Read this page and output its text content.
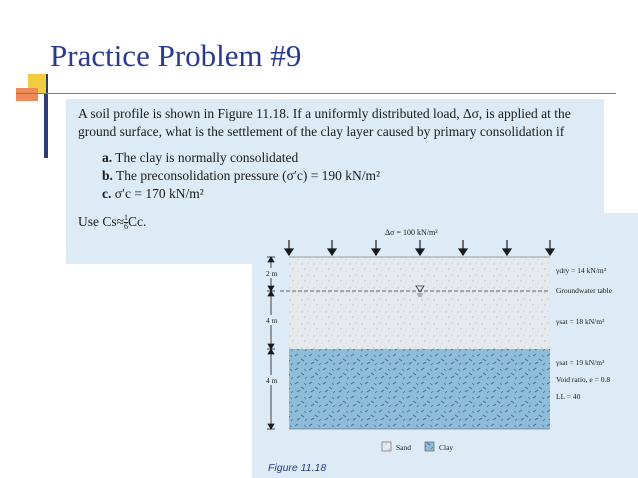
Practice Problem #9

A soil profile is shown in Figure 11.18. If a uniformly distributed load, Δσ, is applied at the ground surface, what is the settlement of the clay layer caused by primary consolidation if

a. The clay is normally consolidated
b. The preconsolidation pressure (σ′c) = 190 kN/m²
c. σ′c = 170 kN/m²
Use $Cs\approx \frac{1}{6} Cc$.
Δσ = 100 kN/m²
2 m
4 m
4 m
γdry = 14 kN/m³
Groundwater table
γsat = 18 kN/m³
γsat = 19 kN/m³
Void ratio, e = 0.8
LL = 40
Sand	Clay
Figure 11.18
